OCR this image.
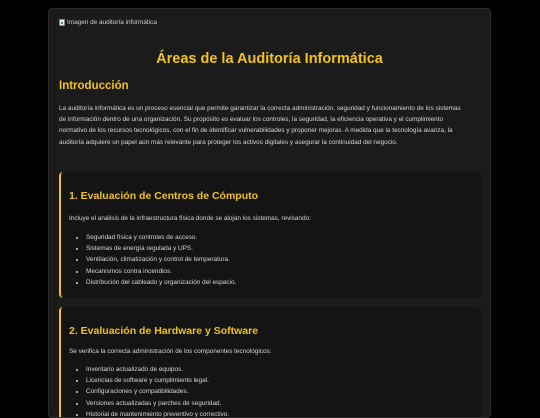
Imagen de auditoría informática
Áreas de la Auditoría Informática
Introducción

La auditoría informática es un proceso esencial que permite garantizar la correcta administración, seguridad y funcionamiento de los sistemas de información dentro de una organización. Su propósito es evaluar los controles, la seguridad, la eficiencia operativa y el cumplimiento normativo de los recursos tecnológicos, con el fin de identificar vulnerabilidades y proponer mejoras. A medida que la tecnología avanza, la auditoría adquiere un papel aún más relevante para proteger los activos digitales y asegurar la continuidad del negocio.

1. Evaluación de Centros de Cómputo

Incluye el análisis de la infraestructura física donde se alojan los sistemas, revisando:

• Seguridad física y controles de acceso.
• Sistemas de energía regulada y UPS.
• Ventilación, climatización y control de temperatura.
• Mecanismos contra incendios.
• Distribución del cableado y organización del espacio.
2. Evaluación de Hardware y Software

Se verifica la correcta administración de los componentes tecnológicos:

• Inventario actualizado de equipos.
• Licencias de software y cumplimiento legal.
• Configuraciones y compatibilidades.
• Versiones actualizadas y parches de seguridad.
• Historial de mantenimiento preventivo y correctivo.
